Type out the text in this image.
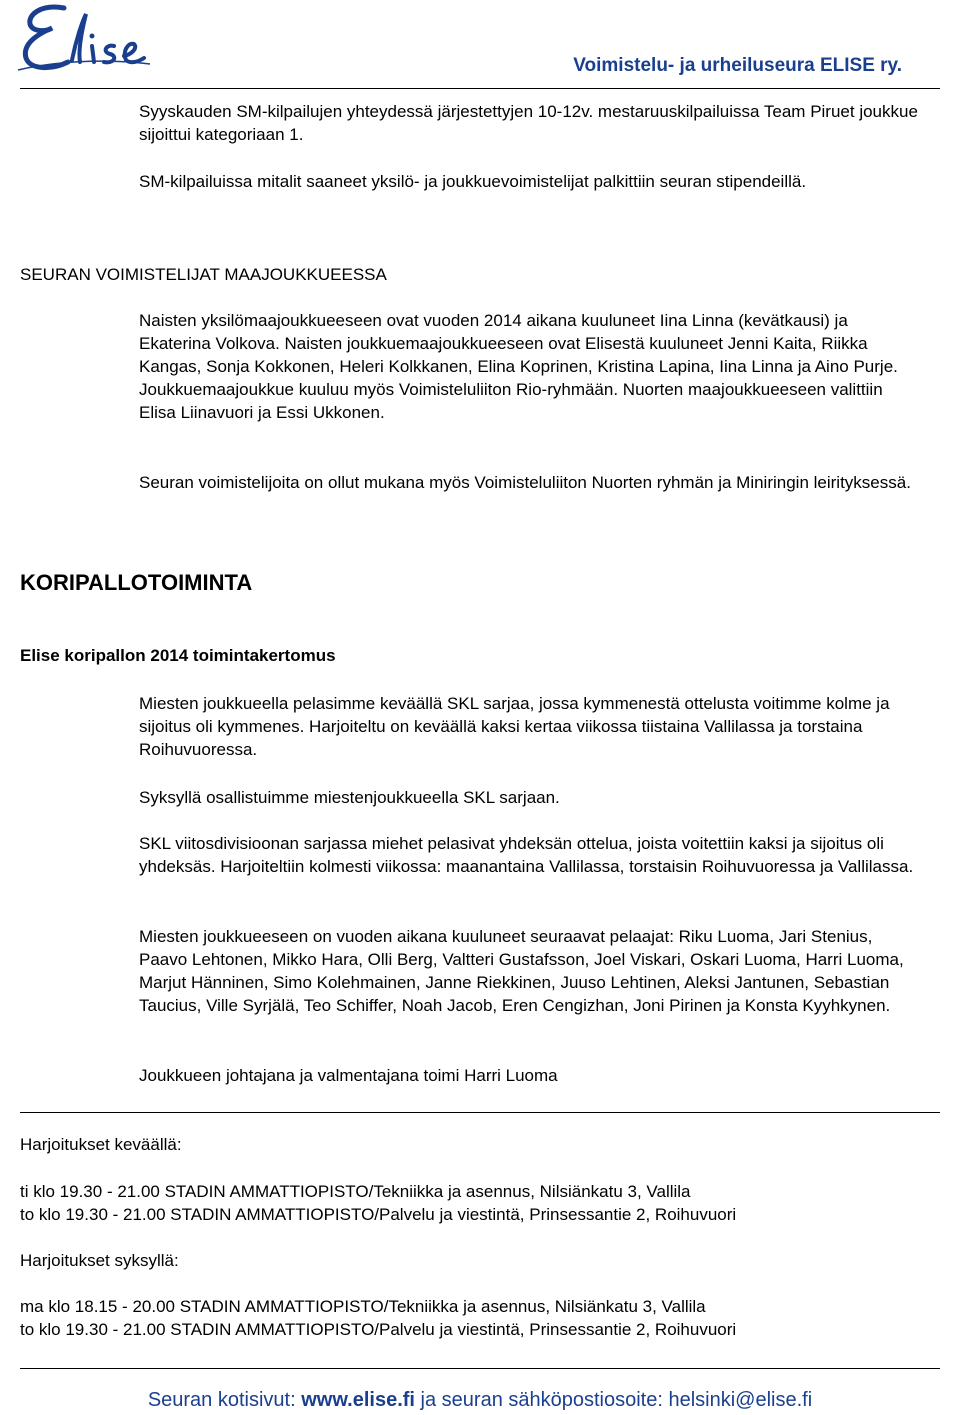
Voimistelu- ja urheiluseura ELISE ry.
Syyskauden SM-kilpailujen yhteydessä järjestettyjen 10-12v. mestaruuskilpailuissa Team Piruet joukkue sijoittui kategoriaan 1.
SM-kilpailuissa mitalit saaneet yksilö- ja joukkuevoimistelijat palkittiin seuran stipendeillä.
SEURAN VOIMISTELIJAT MAAJOUKKUEESSA
Naisten yksilömaajoukkueeseen ovat vuoden 2014 aikana kuuluneet Iina Linna (kevätkausi) ja Ekaterina Volkova. Naisten joukkuemaajoukkueeseen ovat Elisestä kuuluneet Jenni Kaita, Riikka Kangas, Sonja Kokkonen, Heleri Kolkkanen, Elina Koprinen, Kristina Lapina, Iina Linna ja Aino Purje. Joukkuemaajoukkue kuuluu myös Voimisteluliiton Rio-ryhmään. Nuorten maajoukkueeseen valittiin Elisa Liinavuori ja Essi Ukkonen.
Seuran voimistelijoita on ollut mukana myös Voimisteluliiton Nuorten ryhmän ja Miniringin leirityksessä.
KORIPALLOTOIMINTA
Elise koripallon 2014 toimintakertomus
Miesten joukkueella pelasimme keväällä SKL sarjaa, jossa kymmenestä ottelusta voitimme kolme ja sijoitus oli kymmenes. Harjoiteltu on keväällä kaksi kertaa viikossa tiistaina Vallilassa ja torstaina Roihuvuoressa.
Syksyllä osallistuimme miestenjoukkueella SKL sarjaan.
SKL viitosdivisioonan sarjassa miehet pelasivat yhdeksän ottelua, joista voitettiin kaksi ja sijoitus oli yhdeksäs. Harjoiteltiin kolmesti viikossa: maanantaina Vallilassa, torstaisin Roihuvuoressa ja Vallilassa.
Miesten joukkueeseen on vuoden aikana kuuluneet seuraavat pelaajat: Riku Luoma, Jari Stenius, Paavo Lehtonen, Mikko Hara, Olli Berg, Valtteri Gustafsson, Joel Viskari, Oskari Luoma, Harri Luoma, Marjut Hänninen, Simo Kolehmainen, Janne Riekkinen, Juuso Lehtinen, Aleksi Jantunen, Sebastian Taucius, Ville Syrjälä, Teo Schiffer, Noah Jacob, Eren Cengizhan, Joni Pirinen ja Konsta Kyyhkynen.
Joukkueen johtajana ja valmentajana toimi Harri Luoma
Harjoitukset keväällä:
ti klo 19.30 - 21.00 STADIN AMMATTIOPISTO/Tekniikka ja asennus, Nilsiänkatu 3, Vallila
to klo 19.30 - 21.00 STADIN AMMATTIOPISTO/Palvelu ja viestintä, Prinsessantie 2, Roihuvuori
Harjoitukset syksyllä:
ma klo 18.15 - 20.00 STADIN AMMATTIOPISTO/Tekniikka ja asennus, Nilsiänkatu 3, Vallila
to klo 19.30 - 21.00 STADIN AMMATTIOPISTO/Palvelu ja viestintä, Prinsessantie 2, Roihuvuori
Seuran kotisivut: www.elise.fi ja seuran sähköpostiosoite: helsinki@elise.fi
